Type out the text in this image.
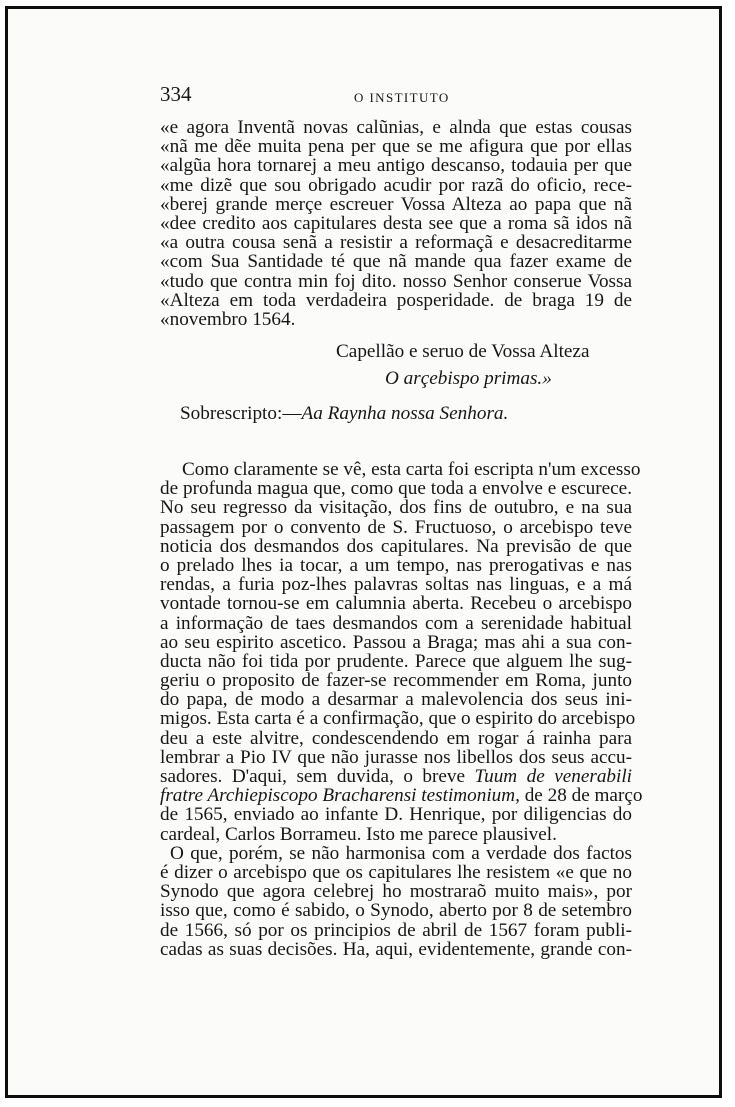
334	O INSTITUTO
«e agora Inventã novas calũnias, e alnda que estas cousas
«nã me dẽe muita pena per que se me afigura que por ellas
«algũa hora tornarej a meu antigo descanso, todauia per que
«me dizẽ que sou obrigado acudir por razã do oficio, rece-
«berej grande merçe escreuer Vossa Alteza ao papa que nã
«dee credito aos capitulares desta see que a roma sã idos nã
«a outra cousa senã a resistir a reformaçã e desacreditarme
«com Sua Santidade té que nã mande qua fazer exame de
«tudo que contra min foj dito. nosso Senhor conserue Vossa
«Alteza em toda verdadeira posperidade. de braga 19 de
«novembro 1564.
Capellão e seruo de Vossa Alteza
O arçebispo primas.»
Sobrescripto:—Aa Raynha nossa Senhora.
Como claramente se vê, esta carta foi escripta n'um excesso
de profunda magua que, como que toda a envolve e escurece.
No seu regresso da visitação, dos fins de outubro, e na sua
passagem por o convento de S. Fructuoso, o arcebispo teve
noticia dos desmandos dos capitulares. Na previsão de que
o prelado lhes ia tocar, a um tempo, nas prerogativas e nas
rendas, a furia poz-lhes palavras soltas nas linguas, e a má
vontade tornou-se em calumnia aberta. Recebeu o arcebispo
a informação de taes desmandos com a serenidade habitual
ao seu espirito ascetico. Passou a Braga; mas ahi a sua con-
ducta não foi tida por prudente. Parece que alguem lhe sug-
geriu o proposito de fazer-se recommender em Roma, junto
do papa, de modo a desarmar a malevolencia dos seus ini-
migos. Esta carta é a confirmação, que o espirito do arcebispo
deu a este alvitre, condescendendo em rogar á rainha para
lembrar a Pio IV que não jurasse nos libellos dos seus accu-
sadores. D'aqui, sem duvida, o breve Tuum de venerabili
fratre Archiepiscopo Bracharensi testimonium, de 28 de março
de 1565, enviado ao infante D. Henrique, por diligencias do
cardeal, Carlos Borrameu. Isto me parece plausivel.
O que, porém, se não harmonisa com a verdade dos factos
é dizer o arcebispo que os capitulares lhe resistem «e que no
Synodo que agora celebrej ho mostraraõ muito mais», por
isso que, como é sabido, o Synodo, aberto por 8 de setembro
de 1566, só por os principios de abril de 1567 foram publi-
cadas as suas decisões. Ha, aqui, evidentemente, grande con-
